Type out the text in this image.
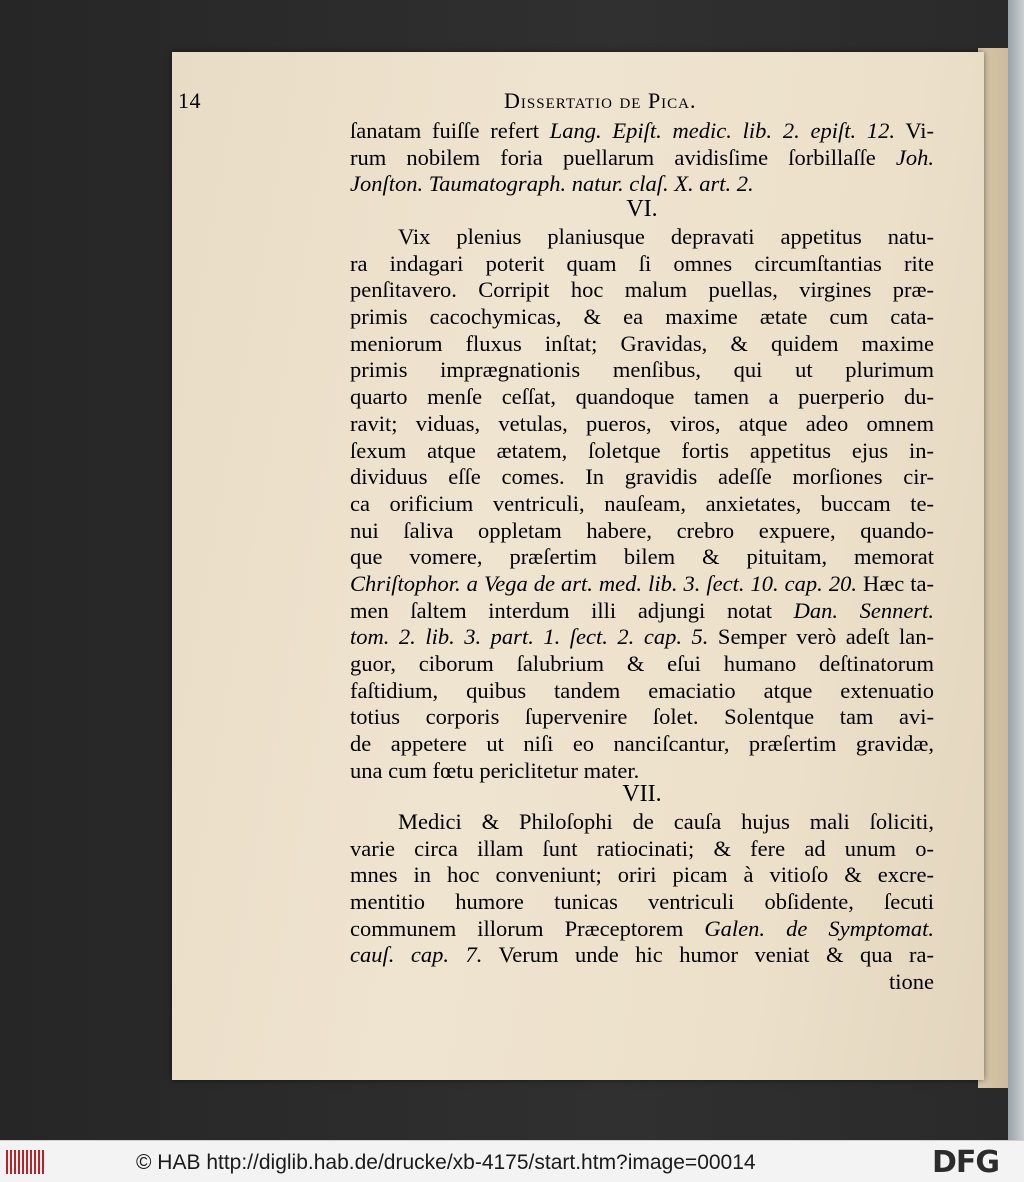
14	Dissertatio de Pica.
ſanatam fuiſſe refert Lang. Epiſt. medic. lib. 2. epiſt. 12. Vi-
rum nobilem foria puellarum avidisſime ſorbillaſſe Joh.
Jonſton. Taumatograph. natur. claſ. X. art. 2.
VI.
Vix plenius planiusque depravati appetitus natu-
ra indagari poterit quam ſi omnes circumſtantias rite
penſitavero. Corripit hoc malum puellas, virgines præ-
primis cacochymicas, & ea maxime ætate cum cata-
meniorum fluxus inſtat; Gravidas, & quidem maxime
primis imprægnationis menſibus, qui ut plurimum
quarto menſe ceſſat, quandoque tamen a puerperio du-
ravit; viduas, vetulas, pueros, viros, atque adeo omnem
ſexum atque ætatem, ſoletque fortis appetitus ejus in-
dividuus eſſe comes. In gravidis adeſſe morſiones cir-
ca orificium ventriculi, nauſeam, anxietates, buccam te-
nui ſaliva oppletam habere, crebro expuere, quando-
que vomere, præſertim bilem & pituitam, memorat
Chriſtophor. a Vega de art. med. lib. 3. ſect. 10. cap. 20. Hæc ta-
men ſaltem interdum illi adjungi notat Dan. Sennert.
tom. 2. lib. 3. part. 1. ſect. 2. cap. 5. Semper verò adeſt lan-
guor, ciborum ſalubrium & eſui humano deſtinatorum
faſtidium, quibus tandem emaciatio atque extenuatio
totius corporis ſupervenire ſolet. Solentque tam avi-
de appetere ut niſi eo nanciſcantur, præſertim gravidæ,
una cum fœtu periclitetur mater.
VII.
Medici & Philoſophi de cauſa hujus mali ſoliciti,
varie circa illam ſunt ratiocinati; & fere ad unum o-
mnes in hoc conveniunt; oriri picam à vitioſo & excre-
mentitio humore tunicas ventriculi obſidente, ſecuti
communem illorum Præceptorem Galen. de Symptomat.
cauſ. cap. 7. Verum unde hic humor veniat & qua ra-
tione
© HAB http://diglib.hab.de/drucke/xb-4175/start.htm?image=00014	DFG
